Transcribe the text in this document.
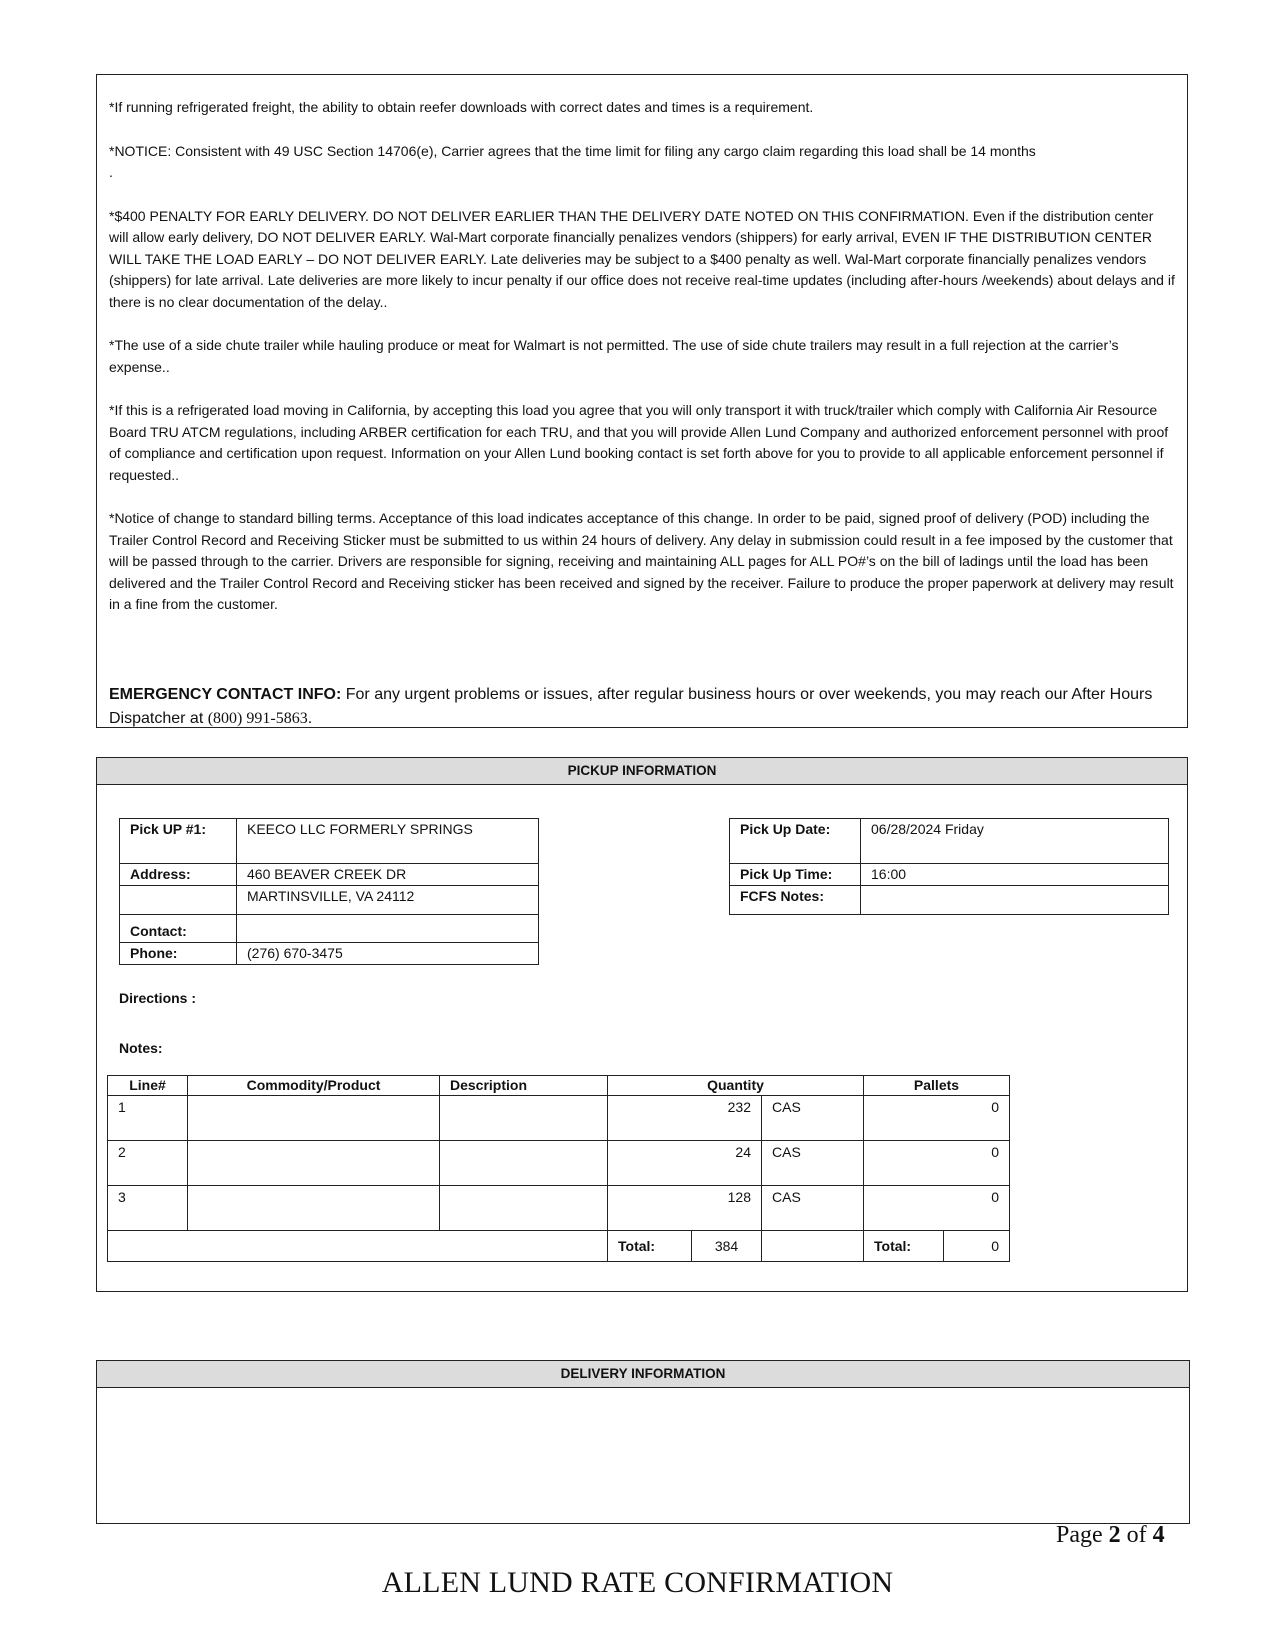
*If running refrigerated freight, the ability to obtain reefer downloads with correct dates and times is a requirement.

*NOTICE: Consistent with 49 USC Section 14706(e), Carrier agrees that the time limit for filing any cargo claim regarding this load shall be 14 months

.

*$400 PENALTY FOR EARLY DELIVERY. DO NOT DELIVER EARLIER THAN THE DELIVERY DATE NOTED ON THIS CONFIRMATION. Even if the distribution center will allow early delivery, DO NOT DELIVER EARLY. Wal-Mart corporate financially penalizes vendors (shippers) for early arrival, EVEN IF THE DISTRIBUTION CENTER WILL TAKE THE LOAD EARLY – DO NOT DELIVER EARLY. Late deliveries may be subject to a $400 penalty as well. Wal-Mart corporate financially penalizes vendors (shippers) for late arrival. Late deliveries are more likely to incur penalty if our office does not receive real-time updates (including after-hours /weekends) about delays and if there is no clear documentation of the delay..

*The use of a side chute trailer while hauling produce or meat for Walmart is not permitted. The use of side chute trailers may result in a full rejection at the carrier’s expense..

*If this is a refrigerated load moving in California, by accepting this load you agree that you will only transport it with truck/trailer which comply with California Air Resource Board TRU ATCM regulations, including ARBER certification for each TRU, and that you will provide Allen Lund Company and authorized enforcement personnel with proof of compliance and certification upon request. Information on your Allen Lund booking contact is set forth above for you to provide to all applicable enforcement personnel if requested..

*Notice of change to standard billing terms. Acceptance of this load indicates acceptance of this change. In order to be paid, signed proof of delivery (POD) including the Trailer Control Record and Receiving Sticker must be submitted to us within 24 hours of delivery. Any delay in submission could result in a fee imposed by the customer that will be passed through to the carrier. Drivers are responsible for signing, receiving and maintaining ALL pages for ALL PO#’s on the bill of ladings until the load has been delivered and the Trailer Control Record and Receiving sticker has been received and signed by the receiver. Failure to produce the proper paperwork at delivery may result in a fine from the customer.

EMERGENCY CONTACT INFO: For any urgent problems or issues, after regular business hours or over weekends, you may reach our After Hours Dispatcher at (800) 991-5863.
PICKUP INFORMATION
Pick UP #1:	KEECO LLC FORMERLY SPRINGS
Address:	460 BEAVER CREEK DR
	MARTINSVILLE, VA 24112
Contact:	
Phone:	(276) 670-3475
Pick Up Date:	06/28/2024 Friday
Pick Up Time:	16:00
FCFS Notes:	
Directions :
Notes:
Line#	Commodity/Product	Description	Quantity			Pallets	
1			232		CAS	0	
2			24		CAS	0	
3			128		CAS	0	
			Total:	384		Total:	0
DELIVERY INFORMATION
Page 2 of 4
ALLEN LUND RATE CONFIRMATION
